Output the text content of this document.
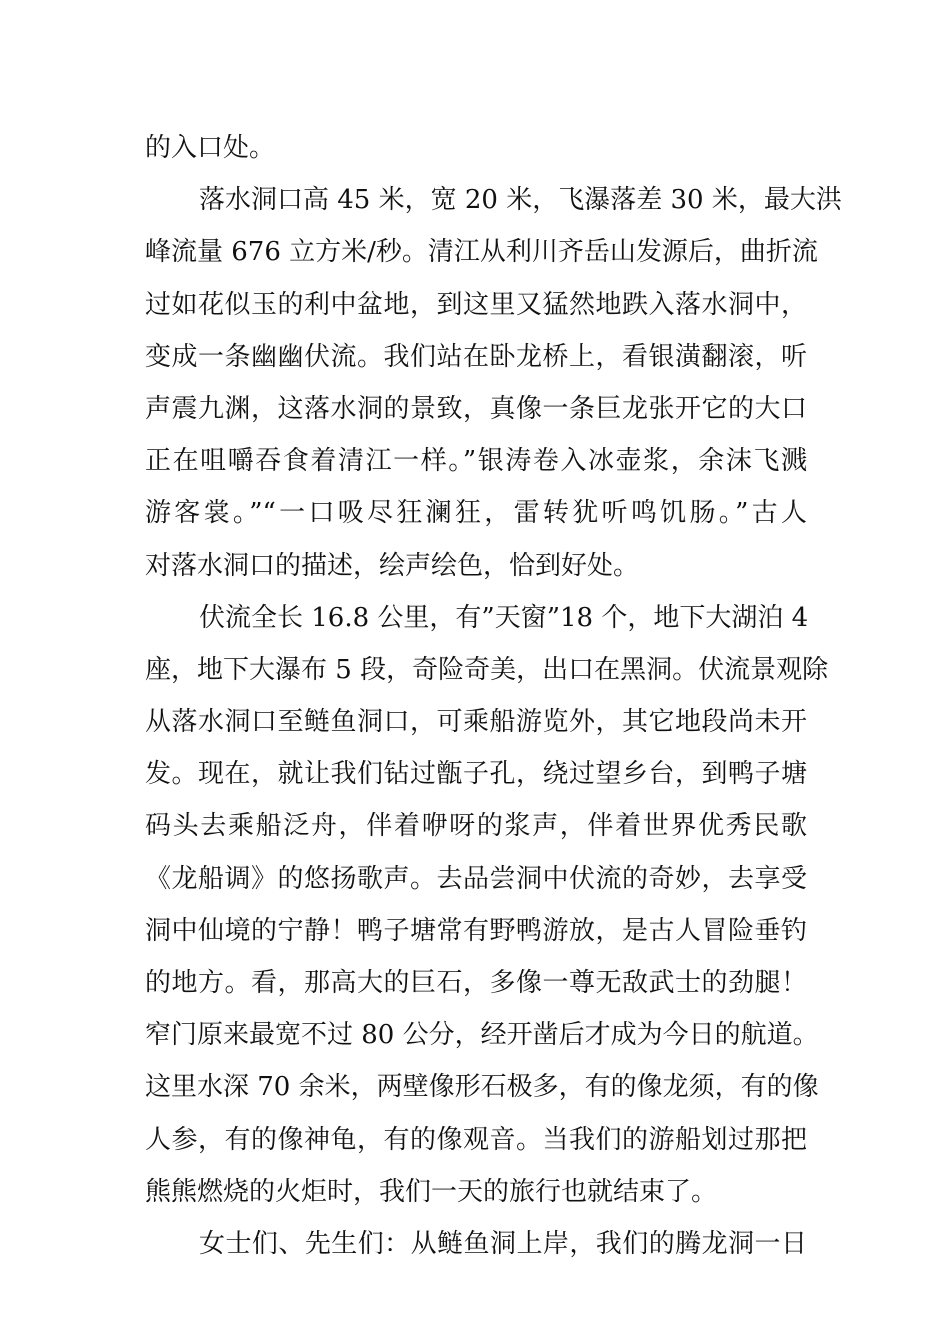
的入口处。
落水洞口高 45 米，宽 20 米，飞瀑落差 30 米，最大洪
峰流量 676 立方米/秒。清江从利川齐岳山发源后，曲折流
过如花似玉的利中盆地，到这里又猛然地跌入落水洞中，
变成一条幽幽伏流。我们站在卧龙桥上，看银潢翻滚，听
声震九渊，这落水洞的景致，真像一条巨龙张开它的大口
正在咀嚼吞食着清江一样。”银涛卷入冰壶浆，余沫飞溅
游客裳。”“一口吸尽狂澜狂，雷转犹听鸣饥肠。”古人
对落水洞口的描述，绘声绘色，恰到好处。
伏流全长 16.8 公里，有”天窗”18 个，地下大湖泊 4
座，地下大瀑布 5 段，奇险奇美，出口在黑洞。伏流景观除
从落水洞口至鲢鱼洞口，可乘船游览外，其它地段尚未开
发。现在，就让我们钻过甑子孔，绕过望乡台，到鸭子塘
码头去乘船泛舟，伴着咿呀的浆声，伴着世界优秀民歌
《龙船调》的悠扬歌声。去品尝洞中伏流的奇妙，去享受
洞中仙境的宁静！鸭子塘常有野鸭游放，是古人冒险垂钓
的地方。看，那高大的巨石，多像一尊无敌武士的劲腿！
窄门原来最宽不过 80 公分，经开凿后才成为今日的航道。
这里水深 70 余米，两壁像形石极多，有的像龙须，有的像
人参，有的像神龟，有的像观音。当我们的游船划过那把
熊熊燃烧的火炬时，我们一天的旅行也就结束了。
女士们、先生们：从鲢鱼洞上岸，我们的腾龙洞一日
